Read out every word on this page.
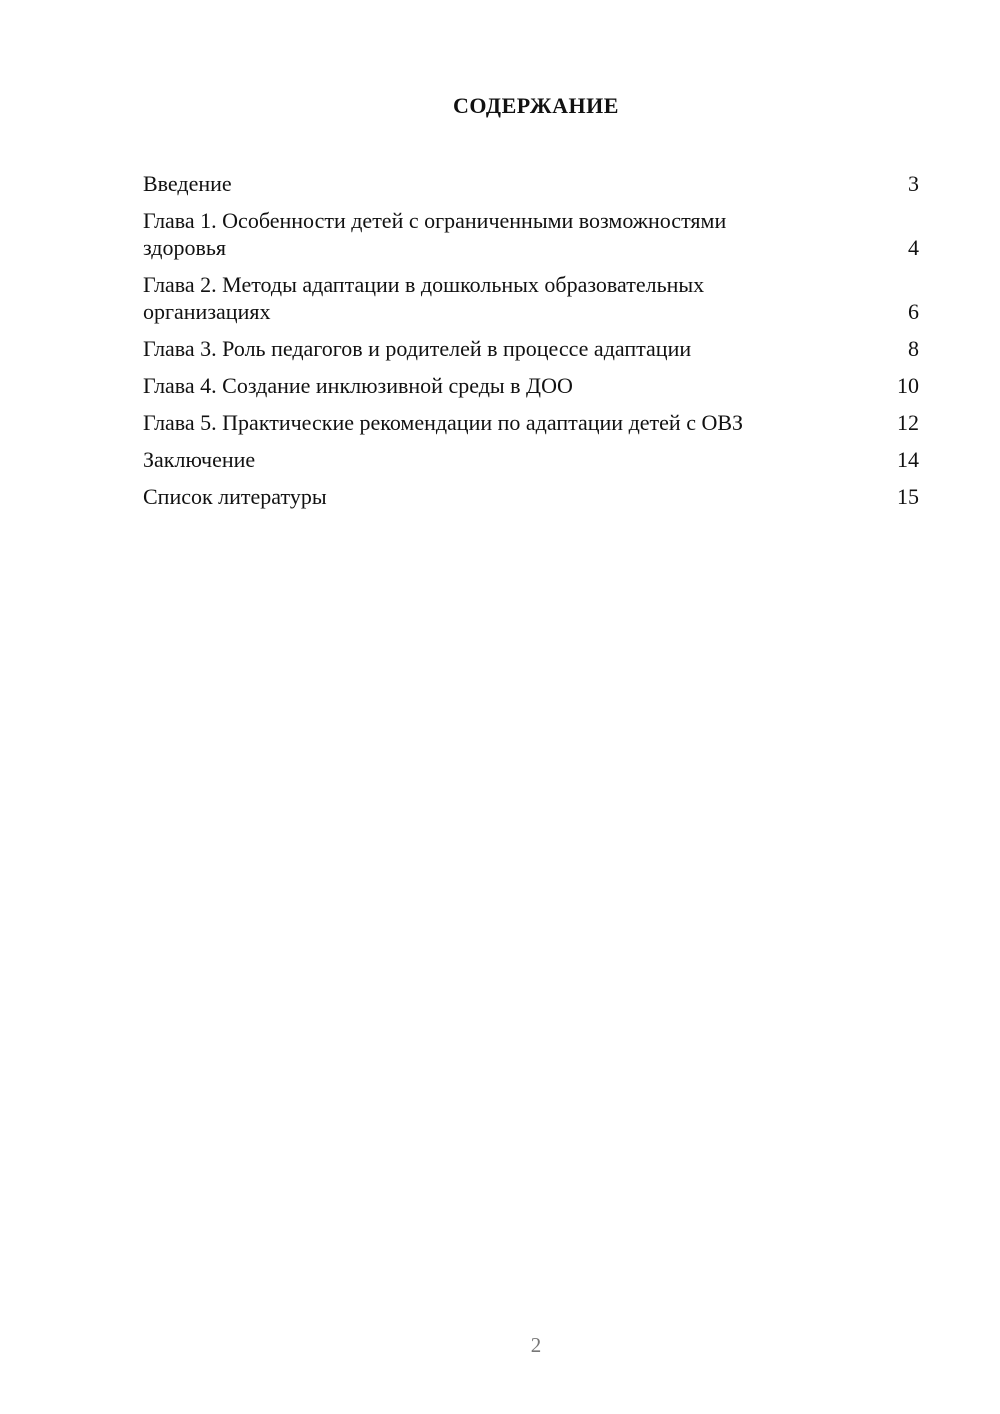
СОДЕРЖАНИЕ
Введение	3
Глава 1. Особенности детей с ограниченными возможностями здоровья	4
Глава 2. Методы адаптации в дошкольных образовательных организациях	6
Глава 3. Роль педагогов и родителей в процессе адаптации	8
Глава 4. Создание инклюзивной среды в ДОО	10
Глава 5. Практические рекомендации по адаптации детей с ОВЗ	12
Заключение	14
Список литературы	15
2
